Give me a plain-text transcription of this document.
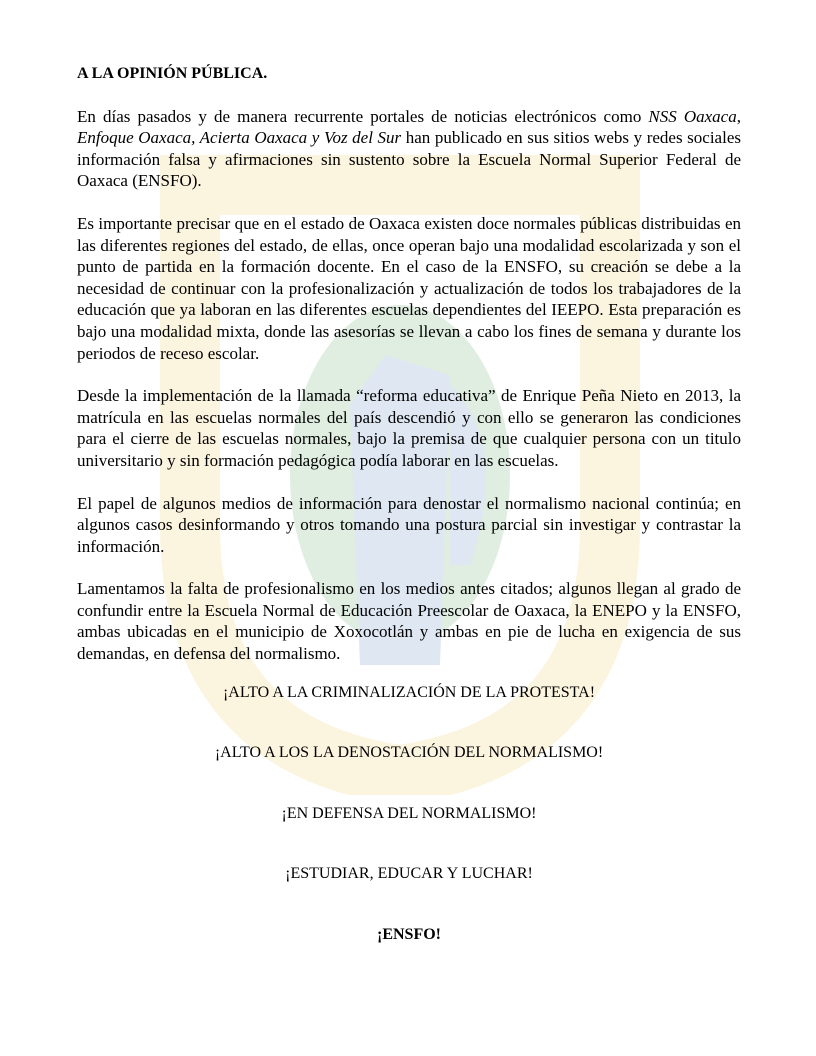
A LA OPINIÓN PÚBLICA.

En días pasados y de manera recurrente portales de noticias electrónicos como NSS Oaxaca, Enfoque Oaxaca, Acierta Oaxaca y Voz del Sur han publicado en sus sitios webs y redes sociales información falsa y afirmaciones sin sustento sobre la Escuela Normal Superior Federal de Oaxaca (ENSFO).

Es importante precisar que en el estado de Oaxaca existen doce normales públicas distribuidas en las diferentes regiones del estado, de ellas, once operan bajo una modalidad escolarizada y son el punto de partida en la formación docente. En el caso de la ENSFO, su creación se debe a la necesidad de continuar con la profesionalización y actualización de todos los trabajadores de la educación que ya laboran en las diferentes escuelas dependientes del IEEPO. Esta preparación es bajo una modalidad mixta, donde las asesorías se llevan a cabo los fines de semana y durante los periodos de receso escolar.

Desde la implementación de la llamada “reforma educativa” de Enrique Peña Nieto en 2013, la matrícula en las escuelas normales del país descendió y con ello se generaron las condiciones para el cierre de las escuelas normales, bajo la premisa de que cualquier persona con un titulo universitario y sin formación pedagógica podía laborar en las escuelas.

El papel de algunos medios de información para denostar el normalismo nacional continúa; en algunos casos desinformando y otros tomando una postura parcial sin investigar y contrastar la información.

Lamentamos la falta de profesionalismo en los medios antes citados; algunos llegan al grado de confundir entre la Escuela Normal de Educación Preescolar de Oaxaca, la ENEPO y la ENSFO, ambas ubicadas en el municipio de Xoxocotlán y ambas en pie de lucha en exigencia de sus demandas, en defensa del normalismo.

¡ALTO A LA CRIMINALIZACIÓN DE LA PROTESTA!

¡ALTO A LOS LA DENOSTACIÓN DEL NORMALISMO!

¡EN DEFENSA DEL NORMALISMO!

¡ESTUDIAR, EDUCAR Y LUCHAR!

¡ENSFO!
